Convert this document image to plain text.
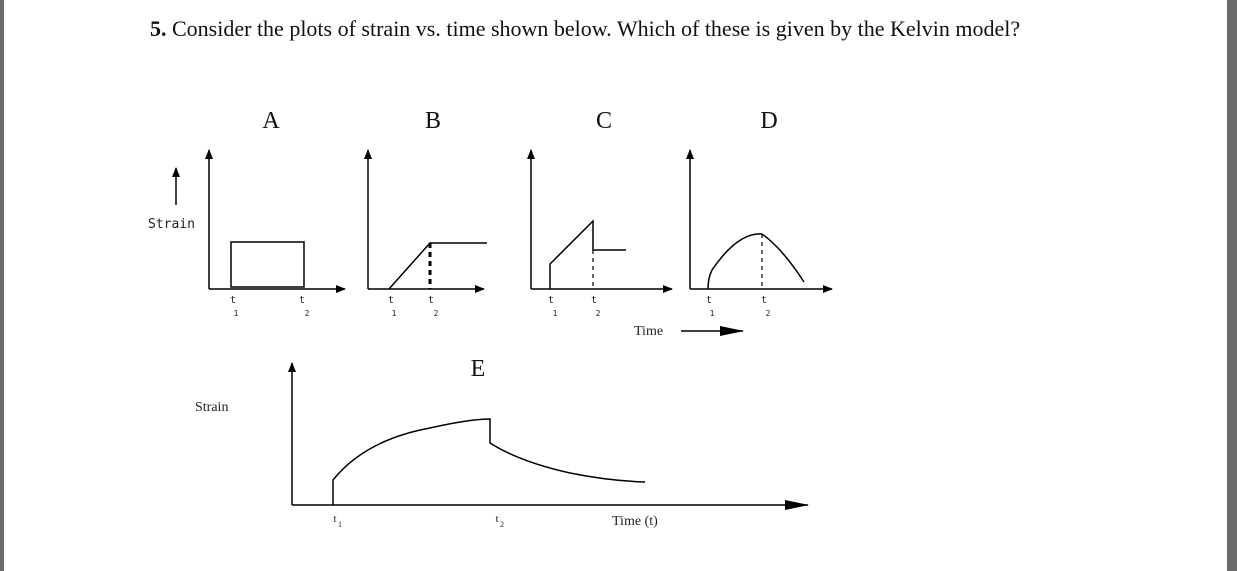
5. Consider the plots of strain vs. time shown below. Which of these is given by the Kelvin model?

A	B	C	D
E
Strain
Time
Strain
Time (t)
t
1
t
2
t
1
t
2
t
1
t
2
t
1
t
2
t 1	t 2
